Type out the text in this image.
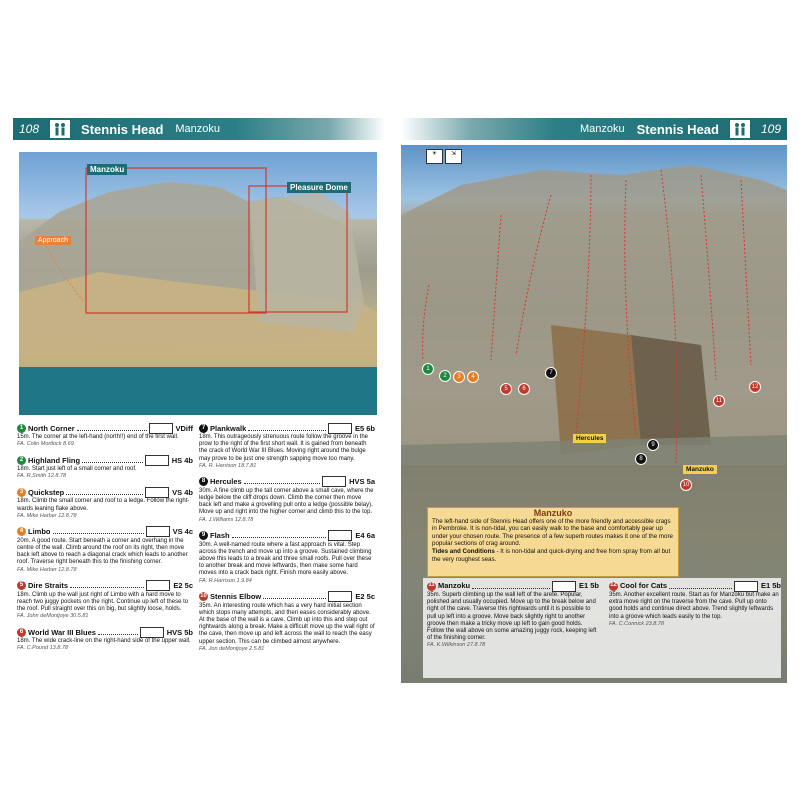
108	Stennis Head	Manzoku
Manzoku
Pleasure Dome
Approach
1 North Corner	VDiff
15m. The corner at the left-hand (north!!) end of the first wall.
FA. Colin Mortlock 8.69
2 Highland Fling	HS 4b
18m. Start just left of a small corner and roof.
FA. R.Smith 12.8.78
3 Quickstep	VS 4b
18m. Climb the small corner and roof to a ledge. Follow the right-wards leaning flake above.
FA. Mike Harber 12.8.78
4 Limbo	VS 4c
20m. A good route. Start beneath a corner and overhang in the centre of the wall. Climb around the roof on its right, then move back left above to reach a diagonal crack which leads to another roof. Traverse right beneath this to the finishing corner.
FA. Mike Harber 12.8.78
5 Dire Straits	E2 5c
18m. Climb up the wall just right of Limbo with a hard move to reach two juggy pockets on the right. Continue up left of these to the roof. Pull straight over this on big, but slightly loose, holds.
FA. John deMontjoye 30.5.81
6 World War III Blues	HVS 5b
18m. The wide crack-line on the right-hand side of the upper wall.
FA. C.Pound 13.8.78
7 Plankwalk	E5 6b
18m. This outrageously strenuous route follow the groove in the prow to the right of the first short wall. It is gained from beneath the crack of World War III Blues. Moving right around the bulge may prove to be just one strength sapping move too many.
FA. R. Harrison 18.7.81
8 Hercules	HVS 5a
30m. A fine climb up the tall corner above a small cave, where the ledge below the cliff drops down. Climb the corner then move back left and make a grovelling pull onto a ledge (possible belay). Move up and right into the higher corner and climb this to the top.
FA. J.Williams 12.8.78
9 Flash	E4 6a
30m. A well-named route where a fast approach is vital. Step across the trench and move up into a groove. Sustained climbing above this leads to a break and three small roofs. Pull over these to another break and move leftwards, then make some hard moves into a crack back right. Finish more easily above.
FA. R.Harrison 1.9.84
10 Stennis Elbow	E2 5c
35m. An interesting route which has a very hard initial section which stops many attempts, and then eases considerably above. At the base of the wall is a cave. Climb up into this and step out rightwards along a break. Make a difficult move up the wall right of the cave, then move up and left across the wall to reach the easy upper section. This can be climbed almost anywhere.
FA. Jon deMontjoye 2.5.81
Manzoku Stennis Head	109
Hercules
Manzuko
1
2	3	4
5	6
7
8
9
10
11
12
☀	⇲
Manzuko
The left-hand side of Stennis Head offers one of the more friendly and accessible crags in Pembroke. It is non-tidal, you can easily walk to the base and comfortably gear up under your chosen route. The presence of a few superb routes makes it one of the more popular sections of crag around.
Tides and Conditions - It is non-tidal and quick-drying and free from spray from all but the very roughest seas.
11 Manzoku	E1 5b
35m. Superb climbing up the wall left of the arete. Popular, polished and usually occupied. Move up to the break below and right of the cave. Traverse this rightwards until it is possible to pull up left into a groove. Move back slightly right to another groove then make a tricky move up left to gain good holds. Follow the wall above on some amazing juggy rock, keeping left of the finishing corner.
FA. K.Wilkinson 27.8.78
12 Cool for Cats	E1 5b
35m. Another excellent route. Start as for Manzoku but make an extra move right on the traverse from the cave. Pull up onto good holds and continue direct above. Trend slightly leftwards into a groove which leads easily to the top.
FA. C.Connick 23.8.78
